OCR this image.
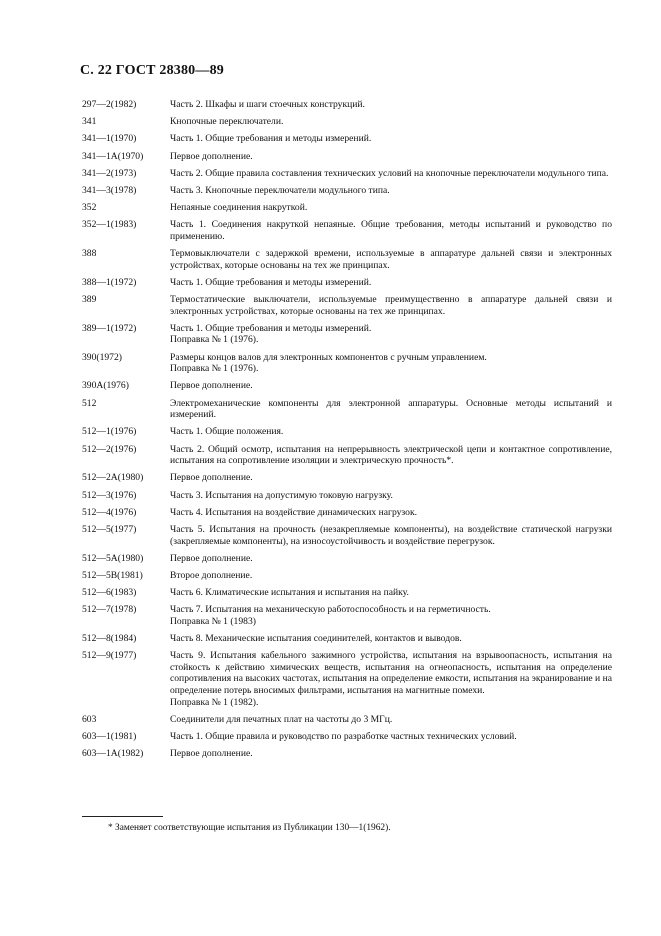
С. 22 ГОСТ 28380—89
297—2(1982)	Часть 2. Шкафы и шаги стоечных конструкций.
341	Кнопочные переключатели.
341—1(1970)	Часть 1. Общие требования и методы измерений.
341—1А(1970)	Первое дополнение.
341—2(1973)	Часть 2. Общие правила составления технических условий на кнопочные переключатели модульного типа.
341—3(1978)	Часть 3. Кнопочные переключатели модульного типа.
352	Непаяные соединения накруткой.
352—1(1983)	Часть 1. Соединения накруткой непаяные. Общие требования, методы испытаний и руководство по применению.
388	Термовыключатели с задержкой времени, используемые в аппаратуре дальней связи и электронных устройствах, которые основаны на тех же принципах.
388—1(1972)	Часть 1. Общие требования и методы измерений.
389	Термостатические выключатели, используемые преимущественно в аппаратуре дальней связи и электронных устройствах, которые основаны на тех же принципах.
389—1(1972)	Часть 1. Общие требования и методы измерений.
Поправка № 1 (1976).
390(1972)	Размеры концов валов для электронных компонентов с ручным управлением.
Поправка № 1 (1976).
390А(1976)	Первое дополнение.
512	Электромеханические компоненты для электронной аппаратуры. Основные методы испытаний и измерений.
512—1(1976)	Часть 1. Общие положения.
512—2(1976)	Часть 2. Общий осмотр, испытания на непрерывность электрической цепи и контактное сопротивление, испытания на сопротивление изоляции и электрическую прочность*.
512—2А(1980)	Первое дополнение.
512—3(1976)	Часть 3. Испытания на допустимую токовую нагрузку.
512—4(1976)	Часть 4. Испытания на воздействие динамических нагрузок.
512—5(1977)	Часть 5. Испытания на прочность (незакрепляемые компоненты), на воздействие статической нагрузки (закрепляемые компоненты), на износоустойчивость и воздействие перегрузок.
512—5А(1980)	Первое дополнение.
512—5В(1981)	Второе дополнение.
512—6(1983)	Часть 6. Климатические испытания и испытания на пайку.
512—7(1978)	Часть 7. Испытания на механическую работоспособность и на герметичность.
Поправка № 1 (1983)
512—8(1984)	Часть 8. Механические испытания соединителей, контактов и выводов.
512—9(1977)	Часть 9. Испытания кабельного зажимного устройства, испытания на взрывоопасность, испытания на стойкость к действию химических веществ, испытания на огнеопасность, испытания на определение сопротивления на высоких частотах, испытания на определение емкости, испытания на экранирование и на определение потерь вносимых фильтрами, испытания на магнитные помехи.
Поправка № 1 (1982).
603	Соединители для печатных плат на частоты до 3 МГц.
603—1(1981)	Часть 1. Общие правила и руководство по разработке частных технических условий.
603—1А(1982)	Первое дополнение.
* Заменяет соответствующие испытания из Публикации 130—1(1962).
